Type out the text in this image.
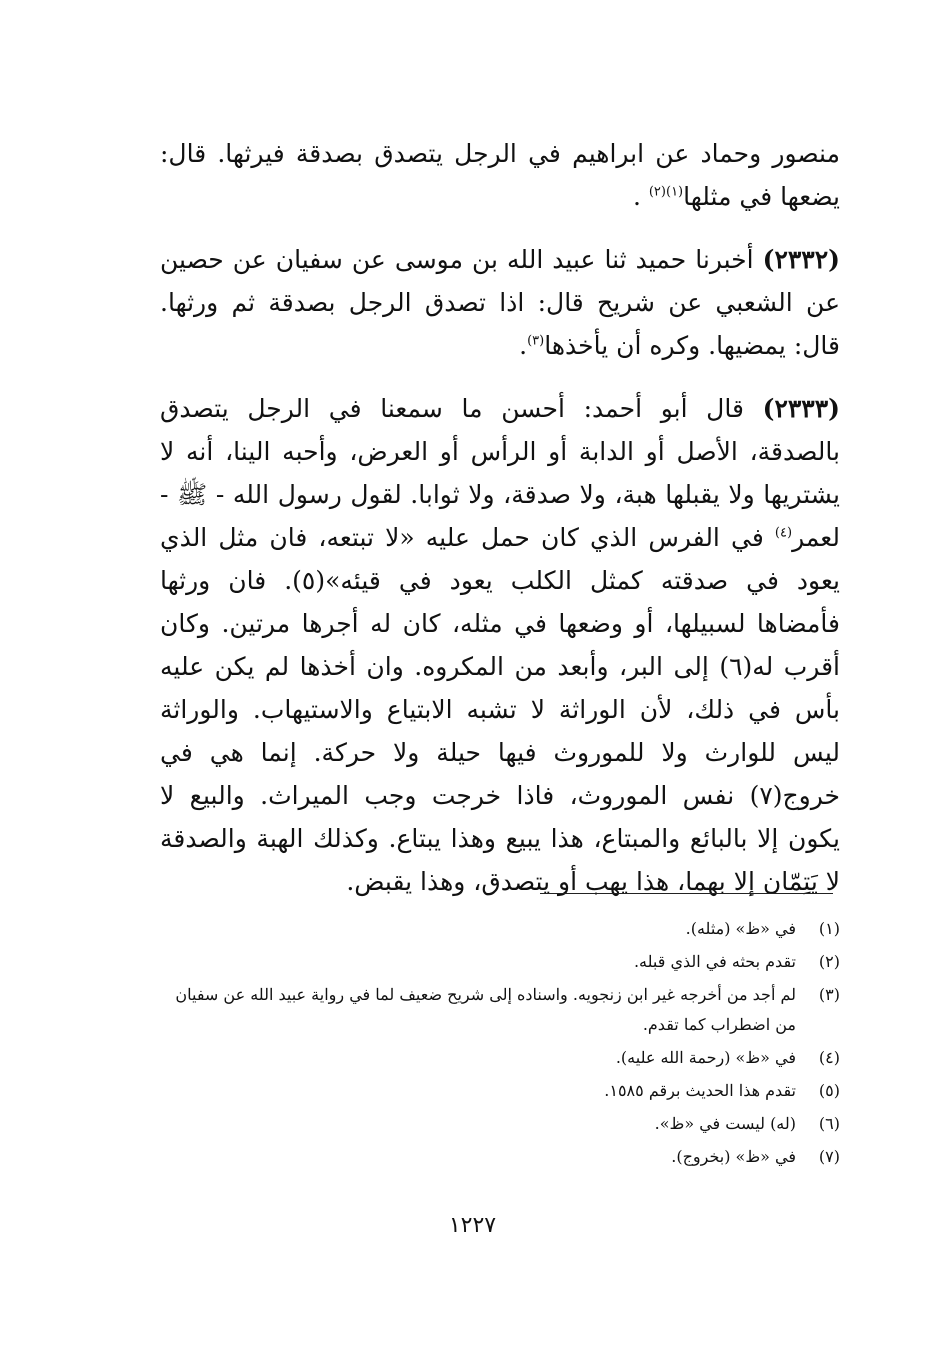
منصور وحماد عن ابراهيم في الرجل يتصدق بصدقة فيرثها. قال: يضعها في مثلها$^{(١)(٢)}$ .

(٢٣٣٢) أخبرنا حميد ثنا عبيد الله بن موسى عن سفيان عن حصين عن الشعبي عن شريح قال: اذا تصدق الرجل بصدقة ثم ورثها. قال: يمضيها. وكره أن يأخذها$^{(٣)}$.

(٢٣٣٣) قال أبو أحمد: أحسن ما سمعنا في الرجل يتصدق بالصدقة، الأصل أو الدابة أو الرأس أو العرض، وأحبه الينا، أنه لا يشتريها ولا يقبلها هبة، ولا صدقة، ولا ثوابا. لقول رسول الله - ﷺ - لعمر$^{(٤)}$ في الفرس الذي كان حمل عليه «لا تبتعه، فان مثل الذي يعود في صدقته كمثل الكلب يعود في قيئه»(٥). فان ورثها فأمضاها لسبيلها، أو وضعها في مثله، كان له أجرها مرتين. وكان أقرب له(٦) إلى البر، وأبعد من المكروه. وان أخذها لم يكن عليه بأس في ذلك، لأن الوراثة لا تشبه الابتياع والاستيهاب. والوراثة ليس للوارث ولا للموروث فيها حيلة ولا حركة. إنما هي في خروج(٧) نفس الموروث، فاذا خرجت وجب الميراث. والبيع لا يكون إلا بالبائع والمبتاع، هذا يبيع وهذا يبتاع. وكذلك الهبة والصدقة لا يَتِمّان إلا بهما، هذا يهب أو يتصدق، وهذا يقبض.

(١)
في «ظ» (مثله).
(٢)
تقدم بحثه في الذي قبله.
(٣)
لم أجد من أخرجه غير ابن زنجويه. واسناده إلى شريح ضعيف لما في رواية عبيد الله عن سفيان من اضطراب كما تقدم.
(٤)
في «ظ» (رحمة الله عليه).
(٥)
تقدم هذا الحديث برقم ١٥٨٥.
(٦)
(له) ليست في «ظ».
(٧)
في «ظ» (بخروج).
١٢٢٧
